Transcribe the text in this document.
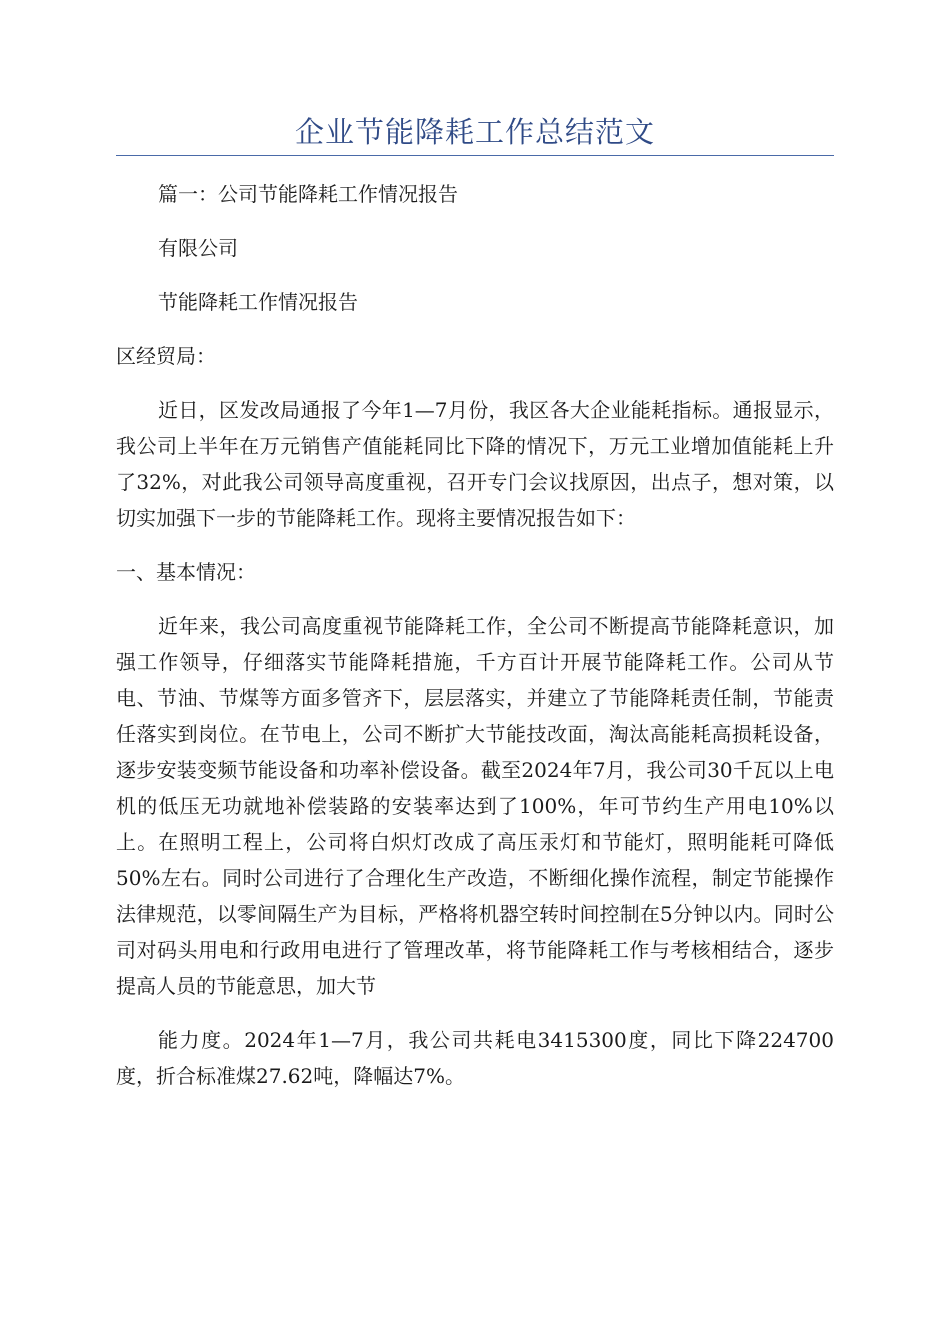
企业节能降耗工作总结范文

篇一：公司节能降耗工作情况报告

有限公司

节能降耗工作情况报告

区经贸局：

近日，区发改局通报了今年1—7月份，我区各大企业能耗指标。通报显示，我公司上半年在万元销售产值能耗同比下降的情况下，万元工业增加值能耗上升了32%，对此我公司领导高度重视，召开专门会议找原因，出点子，想对策，以切实加强下一步的节能降耗工作。现将主要情况报告如下：

一、基本情况：

近年来，我公司高度重视节能降耗工作，全公司不断提高节能降耗意识，加强工作领导，仔细落实节能降耗措施，千方百计开展节能降耗工作。公司从节电、节油、节煤等方面多管齐下，层层落实，并建立了节能降耗责任制，节能责任落实到岗位。在节电上，公司不断扩大节能技改面，淘汰高能耗高损耗设备，逐步安装变频节能设备和功率补偿设备。截至2024年7月，我公司30千瓦以上电机的低压无功就地补偿装路的安装率达到了100%，年可节约生产用电10%以上。在照明工程上，公司将白炽灯改成了高压汞灯和节能灯，照明能耗可降低50%左右。同时公司进行了合理化生产改造，不断细化操作流程，制定节能操作法律规范，以零间隔生产为目标，严格将机器空转时间控制在5分钟以内。同时公司对码头用电和行政用电进行了管理改革，将节能降耗工作与考核相结合，逐步提高人员的节能意思，加大节

能力度。2024年1—7月，我公司共耗电3415300度，同比下降224700度，折合标准煤27.62吨，降幅达7%。
